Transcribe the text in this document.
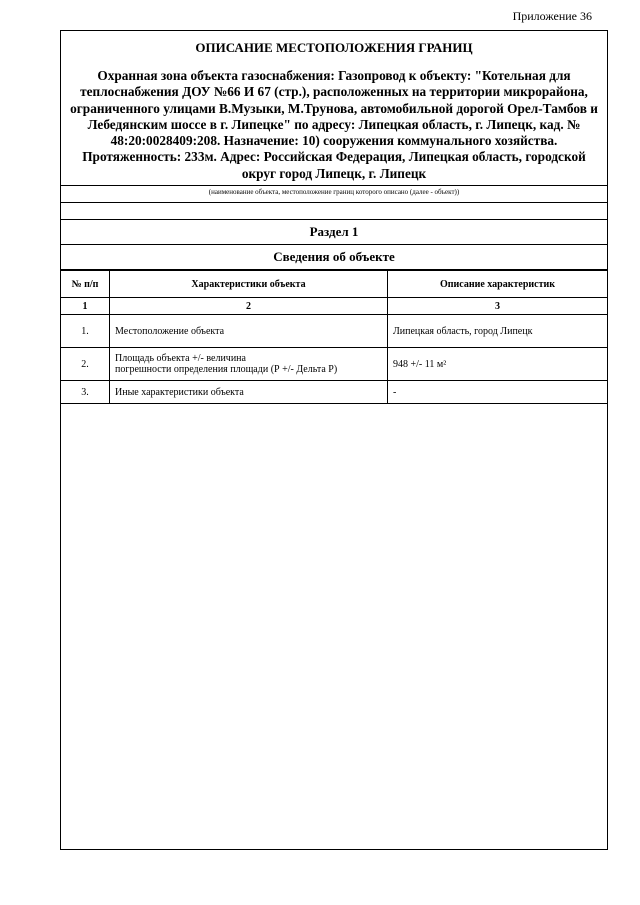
Приложение 36
ОПИСАНИЕ МЕСТОПОЛОЖЕНИЯ ГРАНИЦ
Охранная зона объекта газоснабжения: Газопровод к объекту: "Котельная для теплоснабжения ДОУ №66 И 67 (стр.), расположенных на территории микрорайона, ограниченного улицами В.Музыки, М.Трунова, автомобильной дорогой Орел-Тамбов и Лебедянским шоссе в г. Липецке" по адресу: Липецкая область, г. Липецк, кад. № 48:20:0028409:208. Назначение: 10) сооружения коммунального хозяйства. Протяженность: 233м. Адрес: Российская Федерация, Липецкая область, городской округ город Липецк, г. Липецк
(наименование объекта, местоположение границ которого описано (далее - объект))
Раздел 1
Сведения об объекте
№ п/п	Характеристики объекта	Описание характеристик
1	2	3
1.	Местоположение объекта	Липецкая область, город Липецк
2.	Площадь объекта +/- величина
погрешности определения площади (Р +/- Дельта Р)	948 +/- 11 м²
3.	Иные характеристики объекта	-
